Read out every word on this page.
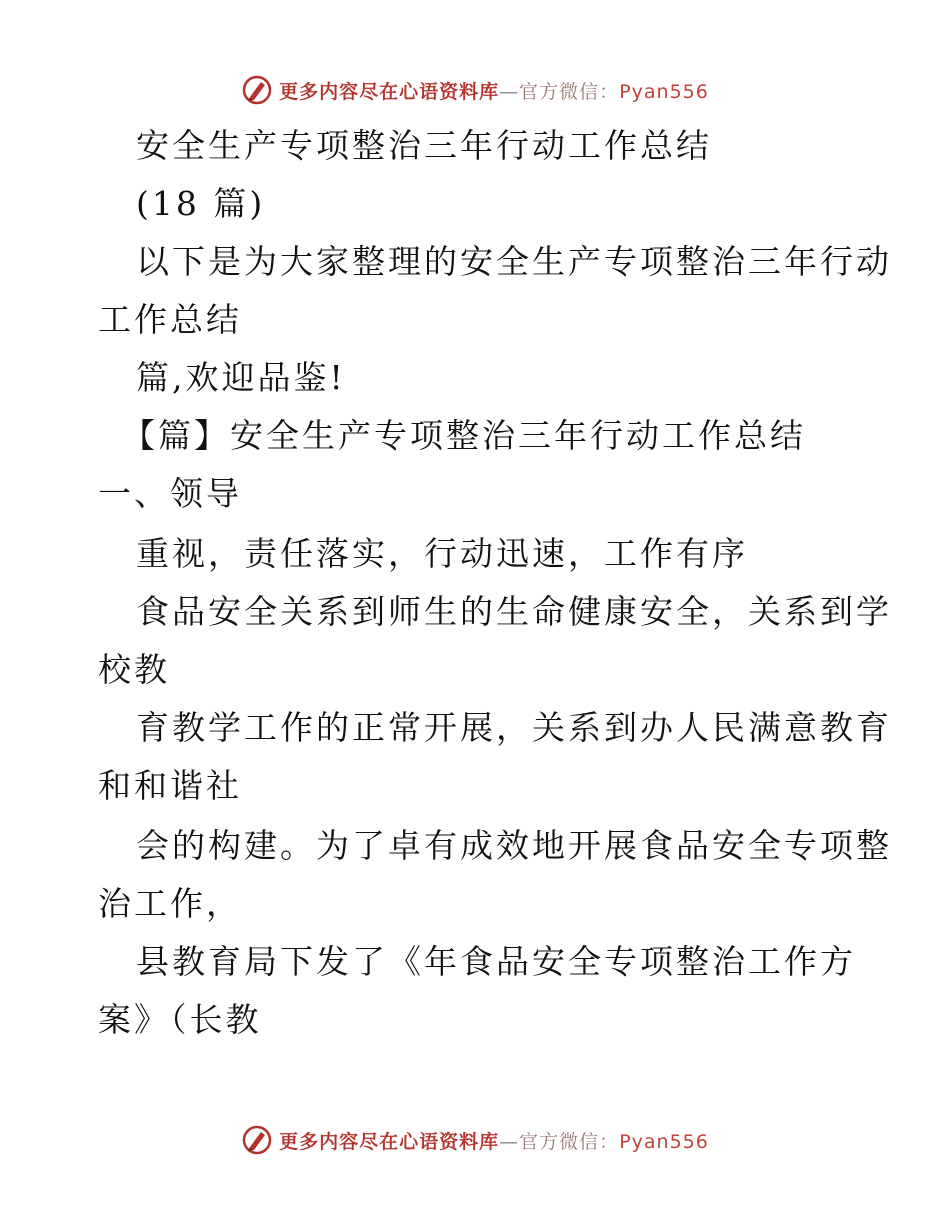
更多内容尽在心语资料库—官方微信：Pyan556
安全生产专项整治三年行动工作总结
(18 篇)
以下是为大家整理的安全生产专项整治三年行动
工作总结
篇,欢迎品鉴!
【篇】安全生产专项整治三年行动工作总结
一、领导
重视，责任落实，行动迅速，工作有序
食品安全关系到师生的生命健康安全，关系到学
校教
育教学工作的正常开展，关系到办人民满意教育
和和谐社
会的构建。为了卓有成效地开展食品安全专项整
治工作，
县教育局下发了《年食品安全专项整治工作方
案》（长教
更多内容尽在心语资料库—官方微信：Pyan556
